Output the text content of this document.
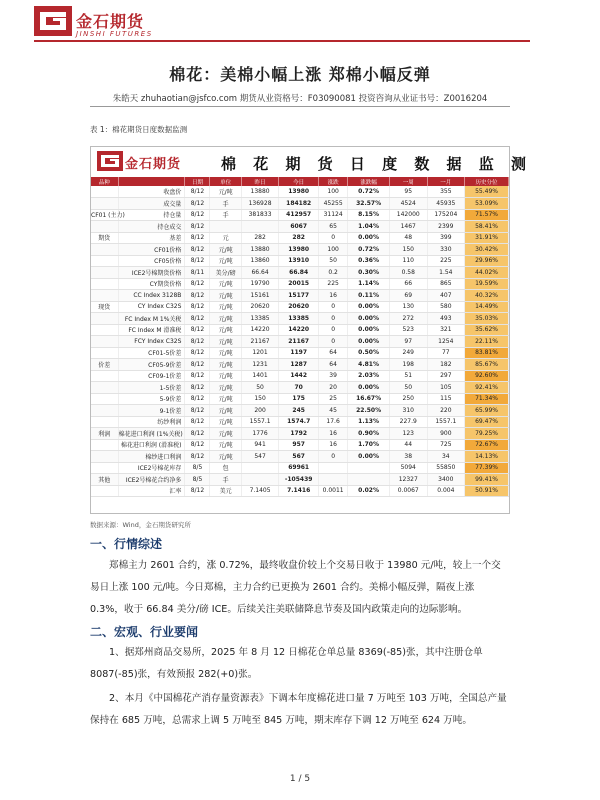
金石期货
JINSHI FUTURES
棉花：美棉小幅上涨 郑棉小幅反弹
朱皓天 zhuhaotian@jsfco.com 期货从业资格号：F03090081 投资咨询从业证书号：Z0016204
表 1：棉花期货日度数据监测
金石期货	棉 花 期 货 日 度 数 据 监 测
品种		日期	单位	昨日	今日	涨跌	涨跌幅	一周	一月	历史分位
	收盘价	8/12	元/吨	13880	13980	100	0.72%	95	355	55.49%
	成交量	8/12	手	136928	184182	45255	32.57%	4524	45935	53.09%
CF01 (主力)	持仓量	8/12	手	381833	412957	31124	8.15%	142000	175204	71.57%
	持仓成交	8/12			6067	65	1.04%	1467	2399	58.41%
期货	基差	8/12	元	282	282	0	0.00%	48	399	31.91%
	CF01价格	8/12	元/吨	13880	13980	100	0.72%	150	330	30.42%
	CF05价格	8/12	元/吨	13860	13910	50	0.36%	110	225	29.96%
	ICE2号棉期货价格	8/11	美分/磅	66.64	66.84	0.2	0.30%	0.58	1.54	44.02%
	CY期货价格	8/12	元/吨	19790	20015	225	1.14%	66	865	19.59%
	CC Index 3128B	8/12	元/吨	15161	15177	16	0.11%	69	407	40.32%
现货	CY Index C32S	8/12	元/吨	20620	20620	0	0.00%	130	580	14.49%
	FC Index M 1%关税	8/12	元/吨	13385	13385	0	0.00%	272	493	35.03%
	FC Index M 滑准税	8/12	元/吨	14220	14220	0	0.00%	523	321	35.62%
	FCY Index C32S	8/12	元/吨	21167	21167	0	0.00%	97	1254	22.11%
	CF01-5价差	8/12	元/吨	1201	1197	64	0.50%	249	77	83.81%
价差	CF05-9价差	8/12	元/吨	1231	1287	64	4.81%	198	182	85.67%
	CF09-1价差	8/12	元/吨	1401	1442	39	2.03%	51	297	92.60%
	1-5价差	8/12	元/吨	50	70	20	0.00%	50	105	92.41%
	5-9价差	8/12	元/吨	150	175	25	16.67%	250	115	71.34%
	9-1价差	8/12	元/吨	200	245	45	22.50%	310	220	65.99%
	纺纱利润	8/12	元/吨	1557.1	1574.7	17.6	1.13%	227.9	1557.1	69.47%
利润	棉花进口利润 (1%关税)	8/12	元/吨	1776	1792	16	0.90%	123	900	79.25%
	棉花进口利润 (滑准税)	8/12	元/吨	941	957	16	1.70%	44	725	72.67%
	棉纱进口利润	8/12	元/吨	547	567	0	0.00%	38	34	14.13%
	ICE2号棉花库存	8/5	包		69961			5094	55850	77.39%
其他	ICE2号棉花合约净多	8/5	手		-105439			12327	3400	99.41%
	汇率	8/12	美元	7.1405	7.1416	0.0011	0.02%	0.0067	0.004	50.91%
数据来源：Wind，金石期货研究所
一、行情综述
郑棉主力 2601 合约，涨 0.72%，最终收盘价较上个交易日收于 13980 元/吨，较上一个交易日上涨 100 元/吨。今日郑棉，主力合约已更换为 2601 合约。美棉小幅反弹，隔夜上涨 0.3%，收于 66.84 美分/磅 ICE。后续关注美联储降息节奏及国内政策走向的边际影响。
二、宏观、行业要闻
1、据郑州商品交易所，2025 年 8 月 12 日棉花仓单总量 8369(-85)张，其中注册仓单 8087(-85)张，有效预报 282(+0)张。
2、本月《中国棉花产消存量资源表》下调本年度棉花进口量 7 万吨至 103 万吨，全国总产量保持在 685 万吨，总需求上调 5 万吨至 845 万吨，期末库存下调 12 万吨至 624 万吨。
1 / 5
